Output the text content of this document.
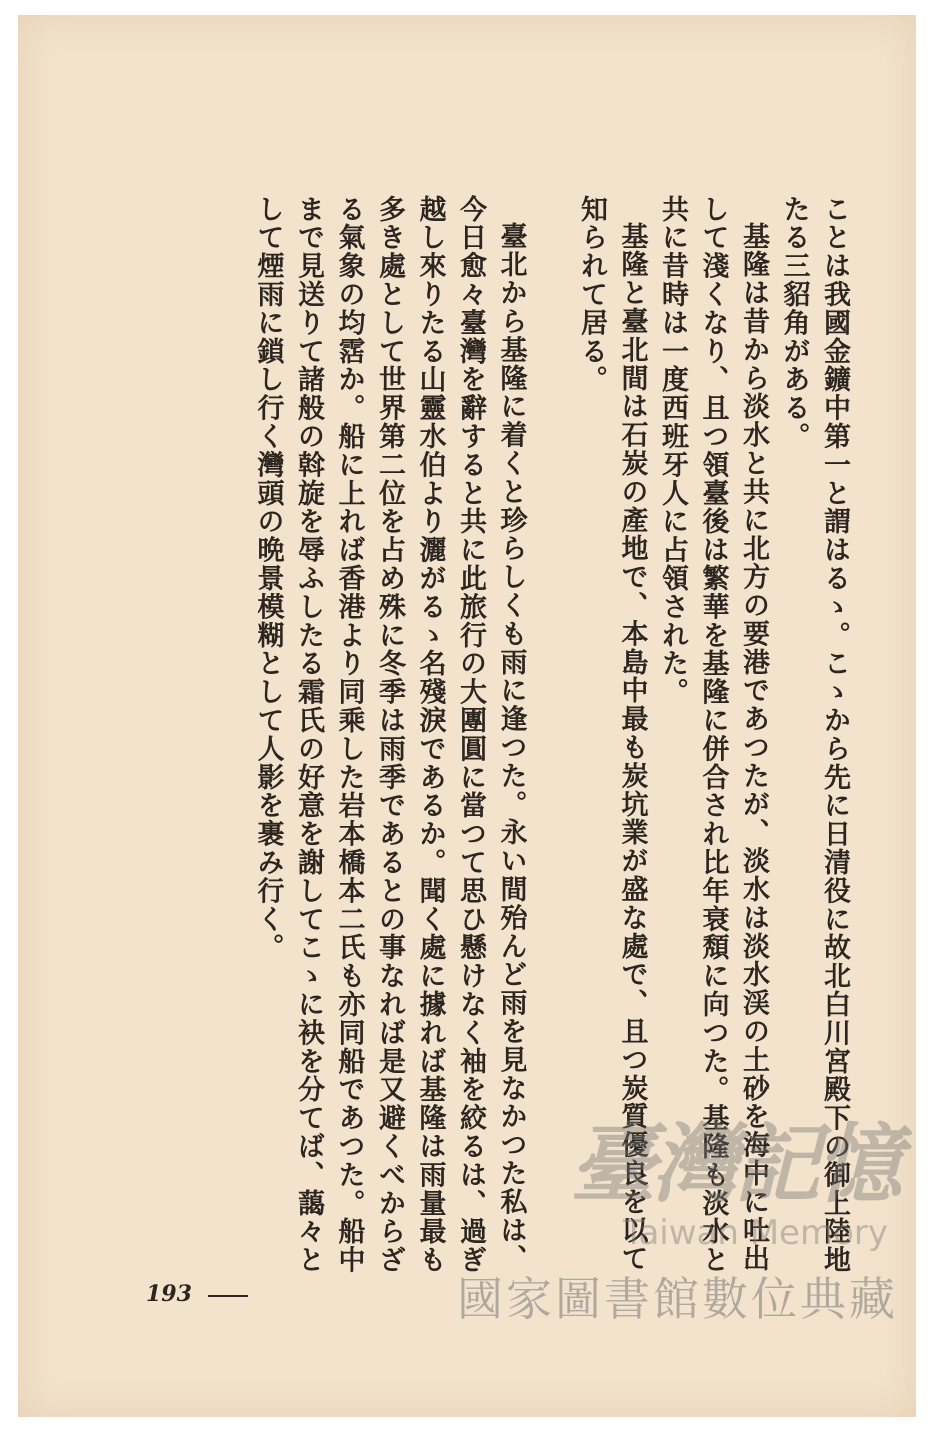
ことは我國金鑛中第一と謂はるゝ。こゝから先に日清役に故北白川宮殿下の御上陸地たる三貂角がある。

基隆は昔から淡水と共に北方の要港であつたが、淡水は淡水渓の土砂を海中に吐出して淺くなり、且つ領臺後は繁華を基隆に併合され比年衰頽に向つた。基隆も淡水と共に昔時は一度西班牙人に占領された。

基隆と臺北間は石炭の產地で、本島中最も炭坑業が盛な處で、且つ炭質優良を以て知られて居る。

臺北から基隆に着くと珍らしくも雨に逢つた。永い間殆んど雨を見なかつた私は、今日愈々臺灣を辭すると共に此旅行の大團圓に當つて思ひ懸けなく袖を絞るは、過ぎ越し來りたる山靈水伯より灑がるゝ名殘淚であるか。聞く處に據れば基隆は雨量最も多き處として世界第二位を占め殊に冬季は雨季であるとの事なれば是又避くべからざる氣象の均霑か。船に上れば香港より同乘した岩本橋本二氏も亦同船であつた。船中まで見送りて諸般の斡旋を辱ふしたる霜氏の好意を謝してこゝに袂を分てば、藹々として煙雨に鎖し行く灣頭の晩景模糊として人影を裹み行く。

193
臺灣記憶
Taiwan Memory
國家圖書館數位典藏
